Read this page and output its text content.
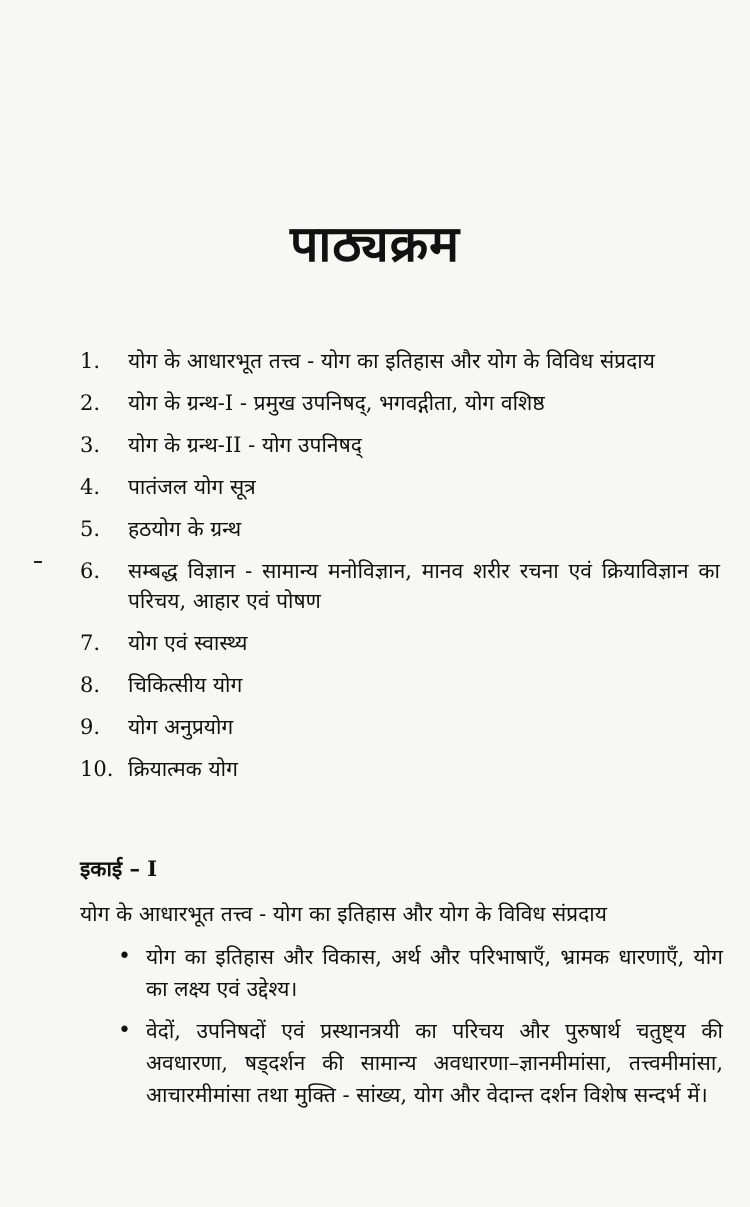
पाठ्यक्रम
1.	योग के आधारभूत तत्त्व - योग का इतिहास और योग के विविध संप्रदाय
2.	योग के ग्रन्थ-I - प्रमुख उपनिषद्, भगवद्गीता, योग वशिष्ठ
3.	योग के ग्रन्थ-II - योग उपनिषद्
4.	पातंजल योग सूत्र
5.	हठयोग के ग्रन्थ
6.	सम्बद्ध विज्ञान - सामान्य मनोविज्ञान, मानव शरीर रचना एवं क्रियाविज्ञान का परिचय, आहार एवं पोषण
7.	योग एवं स्वास्थ्य
8.	चिकित्सीय योग
9.	योग अनुप्रयोग
10. क्रियात्मक योग
इकाई – I
योग के आधारभूत तत्त्व - योग का इतिहास और योग के विविध संप्रदाय
• योग का इतिहास और विकास, अर्थ और परिभाषाएँ, भ्रामक धारणाएँ, योग का लक्ष्य एवं उद्देश्य।
• वेदों, उपनिषदों एवं प्रस्थानत्रयी का परिचय और पुरुषार्थ चतुष्ट्य की अवधारणा, षड्दर्शन की सामान्य अवधारणा–ज्ञानमीमांसा, तत्त्वमीमांसा, आचारमीमांसा तथा मुक्ति - सांख्य, योग और वेदान्त दर्शन विशेष सन्दर्भ में।
